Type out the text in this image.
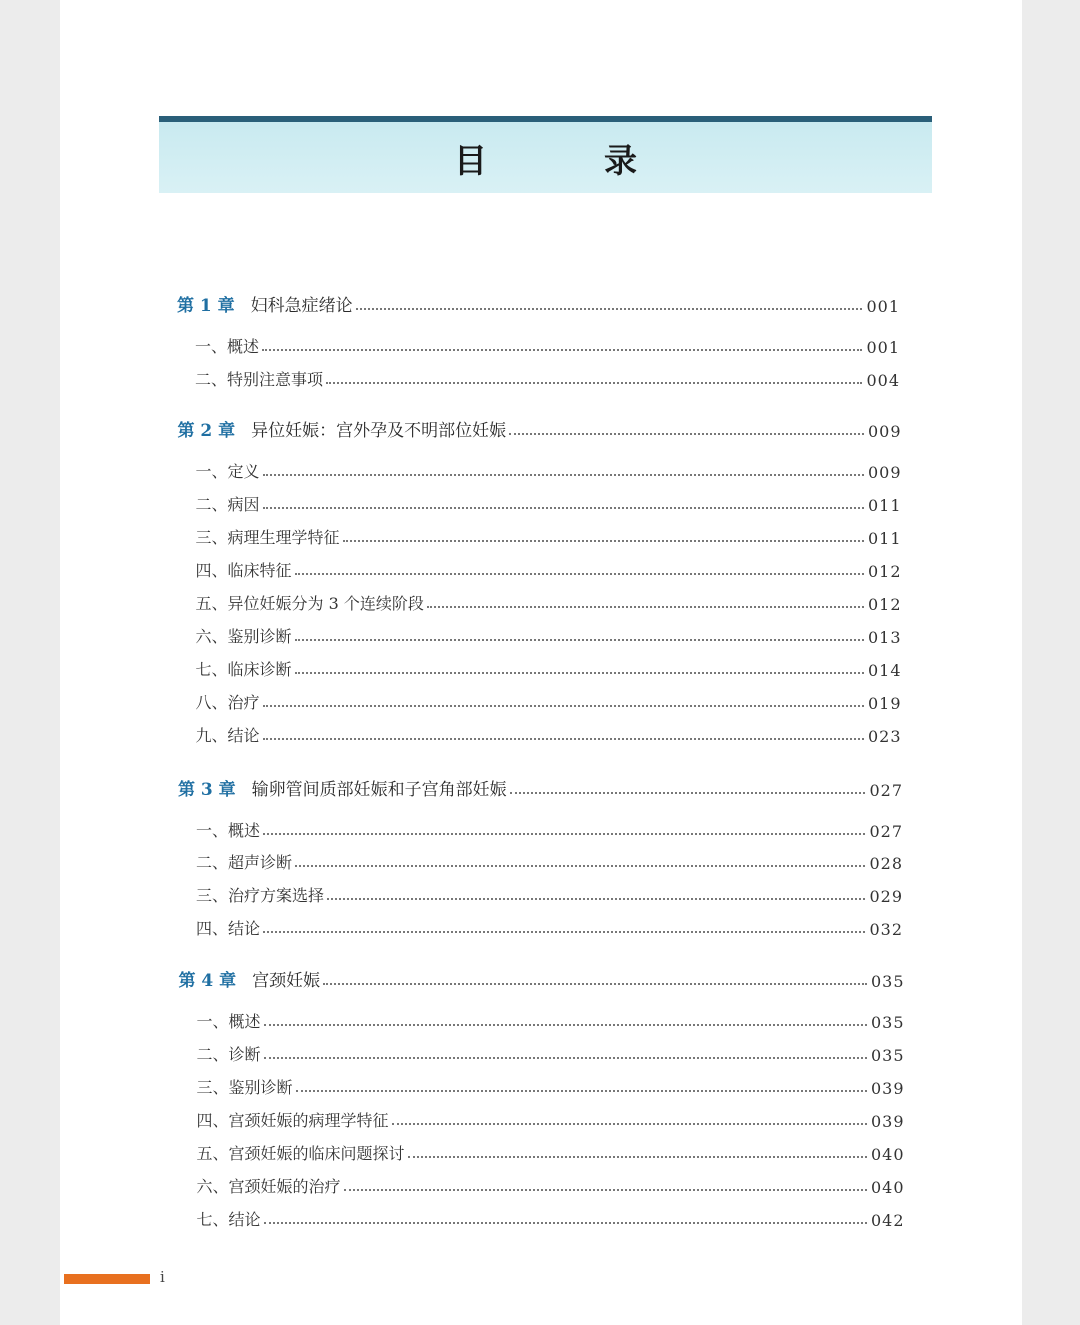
目　录
第 1 章 妇科急症绪论	001
一、概述	001
二、特别注意事项	004
第 2 章 异位妊娠：宫外孕及不明部位妊娠	009
一、定义	009
二、病因	011
三、病理生理学特征	011
四、临床特征	012
五、异位妊娠分为 3 个连续阶段	012
六、鉴别诊断	013
七、临床诊断	014
八、治疗	019
九、结论	023
第 3 章 输卵管间质部妊娠和子宫角部妊娠	027
一、概述	027
二、超声诊断	028
三、治疗方案选择	029
四、结论	032
第 4 章 宫颈妊娠	035
一、概述	035
二、诊断	035
三、鉴别诊断	039
四、宫颈妊娠的病理学特征	039
五、宫颈妊娠的临床问题探讨	040
六、宫颈妊娠的治疗	040
七、结论	042
i
